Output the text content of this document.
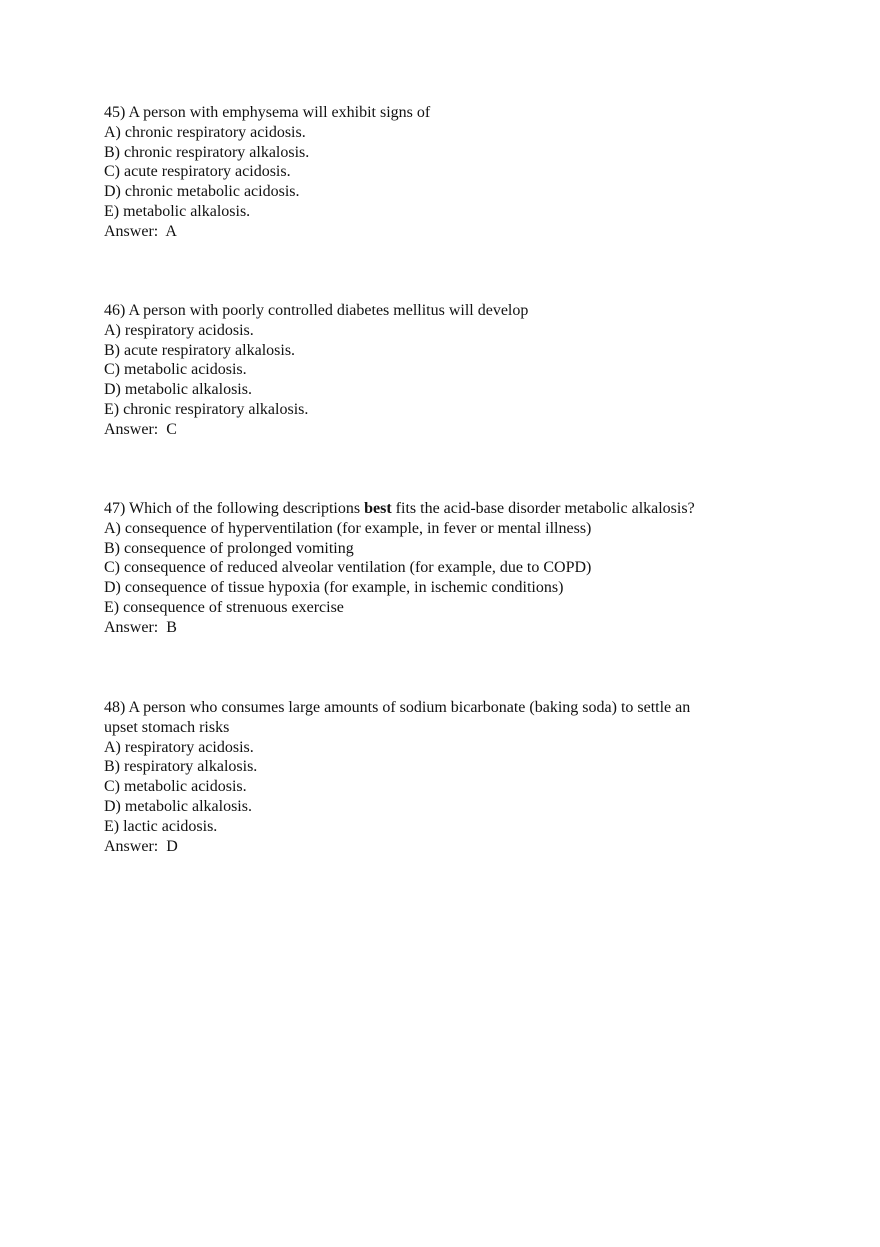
45) A person with emphysema will exhibit signs of
A) chronic respiratory acidosis.
B) chronic respiratory alkalosis.
C) acute respiratory acidosis.
D) chronic metabolic acidosis.
E) metabolic alkalosis.
Answer:  A
46) A person with poorly controlled diabetes mellitus will develop
A) respiratory acidosis.
B) acute respiratory alkalosis.
C) metabolic acidosis.
D) metabolic alkalosis.
E) chronic respiratory alkalosis.
Answer:  C
47) Which of the following descriptions best fits the acid-base disorder metabolic alkalosis?
A) consequence of hyperventilation (for example, in fever or mental illness)
B) consequence of prolonged vomiting
C) consequence of reduced alveolar ventilation (for example, due to COPD)
D) consequence of tissue hypoxia (for example, in ischemic conditions)
E) consequence of strenuous exercise
Answer:  B
48) A person who consumes large amounts of sodium bicarbonate (baking soda) to settle an
upset stomach risks
A) respiratory acidosis.
B) respiratory alkalosis.
C) metabolic acidosis.
D) metabolic alkalosis.
E) lactic acidosis.
Answer:  D
